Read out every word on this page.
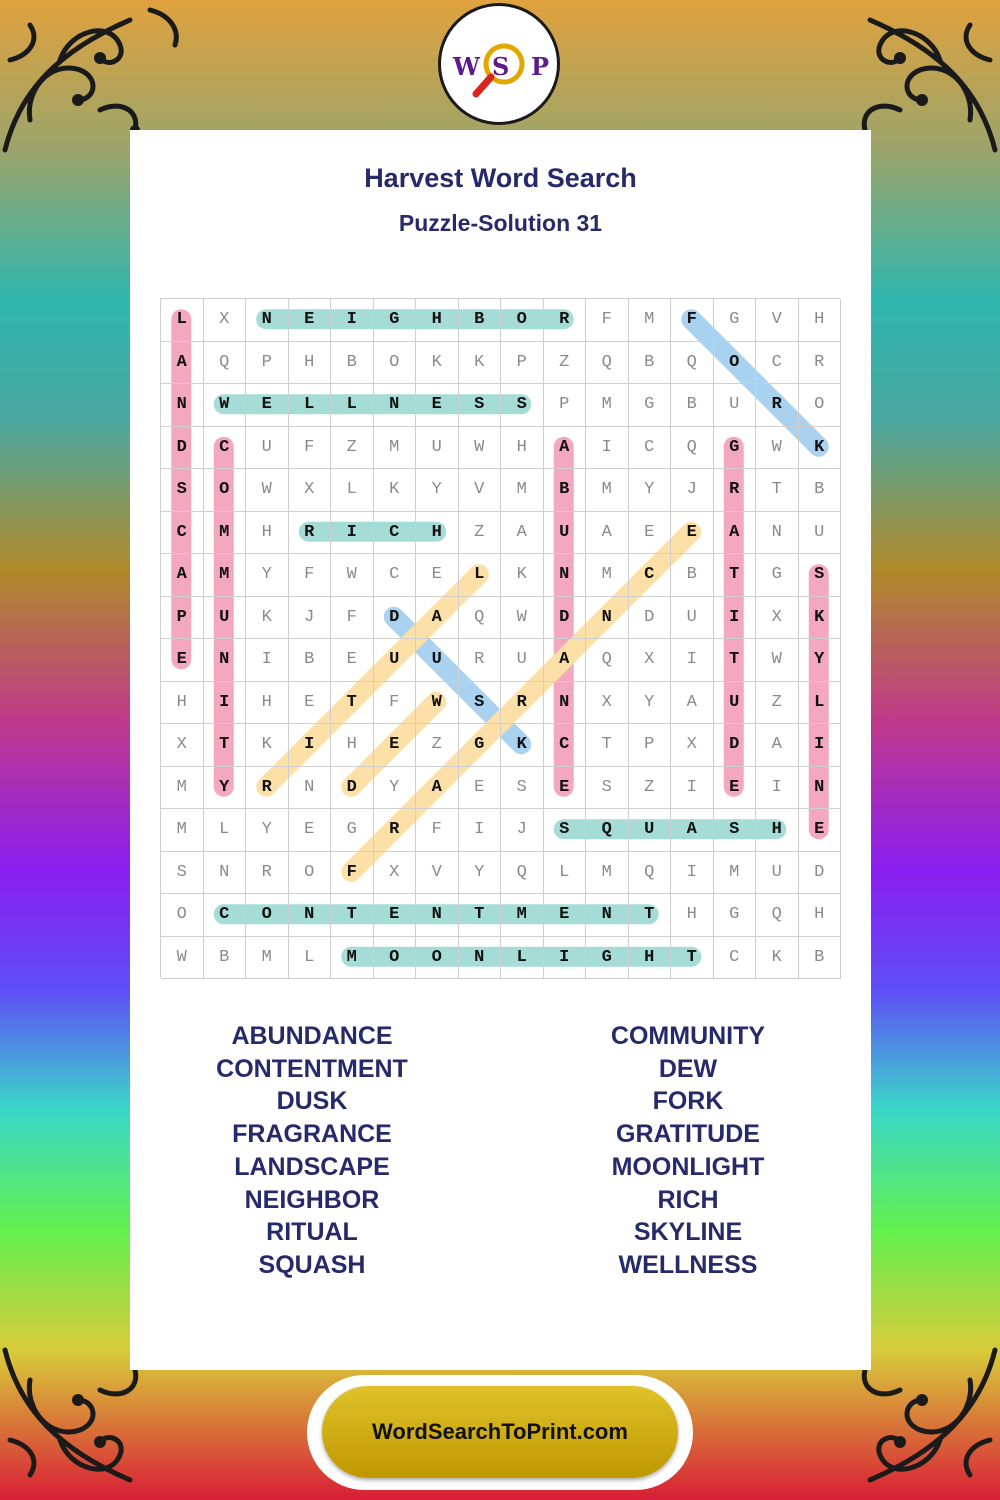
Harvest Word Search
Puzzle-Solution 31
L	X	N	E	I	G	H	B	O	R	F	M	F	G	V	H
A	Q	P	H	B	O	K	K	P	Z	Q	B	Q	O	C	R
N	W	E	L	L	N	E	S	S	P	M	G	B	U	R	O
D	C	U	F	Z	M	U	W	H	A	I	C	Q	G	W	K
S	O	W	X	L	K	Y	V	M	B	M	Y	J	R	T	B
C	M	H	R	I	C	H	Z	A	U	A	E	E	A	N	U
A	M	Y	F	W	C	E	L	K	N	M	C	B	T	G	S
P	U	K	J	F	D	A	Q	W	D	N	D	U	I	X	K
E	N	I	B	E	U	U	R	U	A	Q	X	I	T	W	Y
H	I	H	E	T	F	W	S	R	N	X	Y	A	U	Z	L
X	T	K	I	H	E	Z	G	K	C	T	P	X	D	A	I
M	Y	R	N	D	Y	A	E	S	E	S	Z	I	E	I	N
M	L	Y	E	G	R	F	I	J	S	Q	U	A	S	H	E
S	N	R	O	F	X	V	Y	Q	L	M	Q	I	M	U	D
O	C	O	N	T	E	N	T	M	E	N	T	H	G	Q	H
W	B	M	L	M	O	O	N	L	I	G	H	T	C	K	B
ABUNDANCE
CONTENTMENT
DUSK
FRAGRANCE
LANDSCAPE
NEIGHBOR
RITUAL
SQUASH
COMMUNITY
DEW
FORK
GRATITUDE
MOONLIGHT
RICH
SKYLINE
WELLNESS
W S P
WordSearchToPrint.com
